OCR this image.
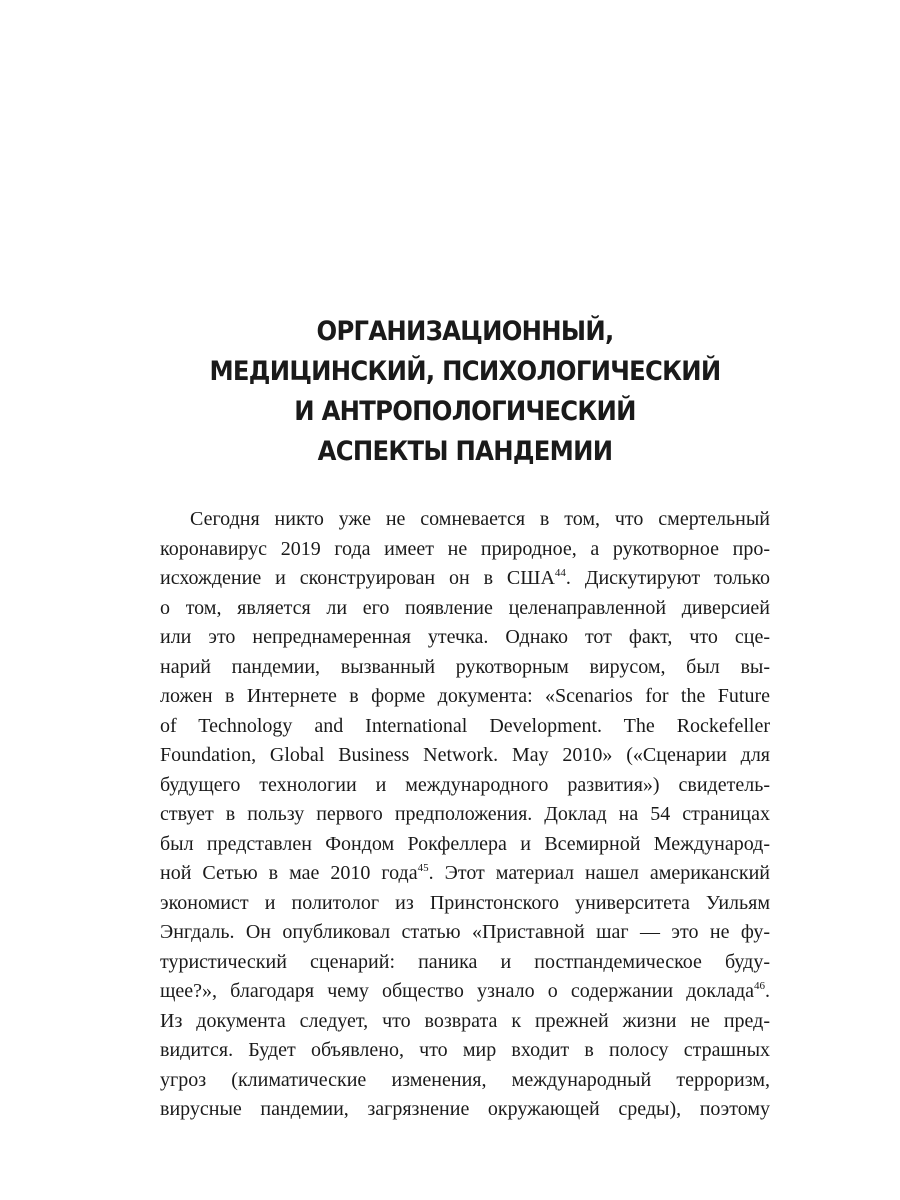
ОРГАНИЗАЦИОННЫЙ,
МЕДИЦИНСКИЙ, ПСИХОЛОГИЧЕСКИЙ
И АНТРОПОЛОГИЧЕСКИЙ
АСПЕКТЫ ПАНДЕМИИ
Сегодня никто уже не сомневается в том, что смертельный
коронавирус 2019 года имеет не природное, а рукотворное про-
исхождение и сконструирован он в США$^{44}$. Дискутируют только
о том, является ли его появление целенаправленной диверсией
или это непреднамеренная утечка. Однако тот факт, что сце-
нарий пандемии, вызванный рукотворным вирусом, был вы-
ложен в Интернете в форме документа: «Scenarios for the Future
of Technology and International Development. The Rockefeller
Foundation, Global Business Network. May 2010» («Сценарии для
будущего технологии и международного развития») свидетель-
ствует в пользу первого предположения. Доклад на 54 страницах
был представлен Фондом Рокфеллера и Всемирной Международ-
ной Сетью в мае 2010 года$^{45}$. Этот материал нашел американский
экономист и политолог из Принстонского университета Уильям
Энгдаль. Он опубликовал статью «Приставной шаг — это не фу-
туристический сценарий: паника и постпандемическое буду-
щее?», благодаря чему общество узнало о содержании доклада$^{46}$.
Из документа следует, что возврата к прежней жизни не пред-
видится. Будет объявлено, что мир входит в полосу страшных
угроз (климатические изменения, международный терроризм,
вирусные пандемии, загрязнение окружающей среды), поэтому
